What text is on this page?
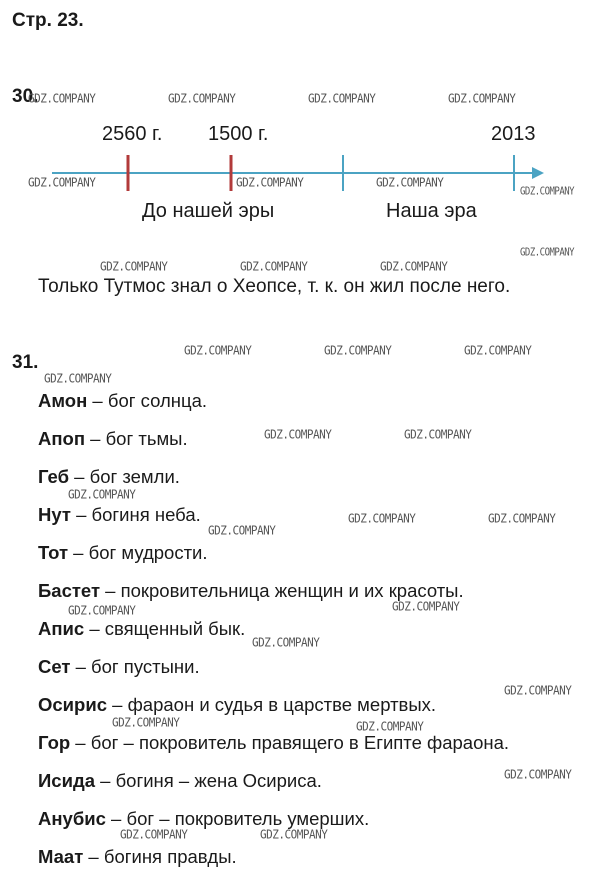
Стр. 23.
30.
2560 г. 1500 г.	2013
До нашей эры	Наша эра
Только Тутмос знал о Хеопсе, т. к. он жил после него.
31.
Амон – бог солнца.
Апоп – бог тьмы.
Геб – бог земли.
Нут – богиня неба.
Тот – бог мудрости.
Бастет – покровительница женщин и их красоты.
Апис – священный бык.
Сет – бог пустыни.
Осирис – фараон и судья в царстве мертвых.
Гор – бог – покровитель правящего в Египте фараона.
Исида – богиня – жена Осириса.
Анубис – бог – покровитель умерших.
Маат – богиня правды.
GDZ.COMPANY	GDZ.COMPANY	GDZ.COMPANY	GDZ.COMPANY
GDZ.COMPANY	GDZ.COMPANY	GDZ.COMPANY
GDZ.COMPANY
GDZ.COMPANY
GDZ.COMPANY	GDZ.COMPANY	GDZ.COMPANY
GDZ.COMPANY	GDZ.COMPANY	GDZ.COMPANY
GDZ.COMPANY
GDZ.COMPANY	GDZ.COMPANY
GDZ.COMPANY
GDZ.COMPANY	GDZ.COMPANY
GDZ.COMPANY
GDZ.COMPANY
GDZ.COMPANY
GDZ.COMPANY
GDZ.COMPANY
GDZ.COMPANY	GDZ.COMPANY
GDZ.COMPANY
GDZ.COMPANY	GDZ.COMPANY
